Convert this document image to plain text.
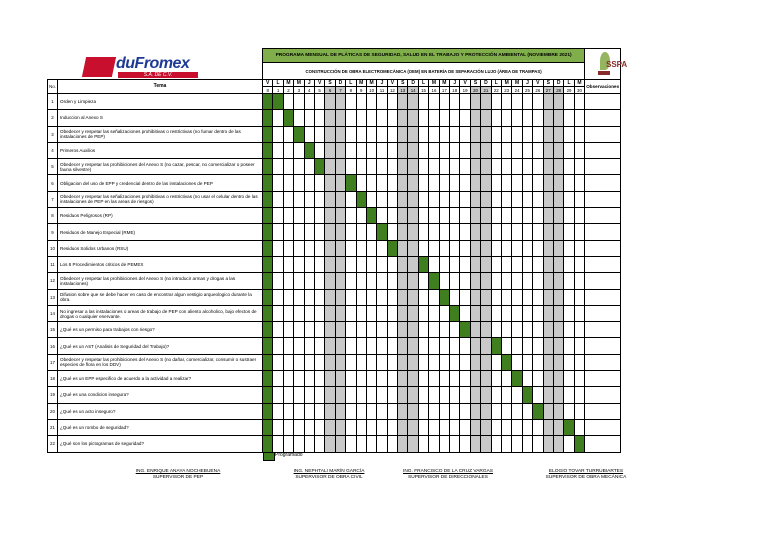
		PROGRAMA MENSUAL DE PLÁTICAS DE SEGURIDAD, SALUD EN EL TRABAJO Y PROTECCIÓN AMBIENTAL (NOVIEMBRE 2021)																															
		CONSTRUCCIÓN DE OBRA ELECTROMECÁNICA (OEM) EN BATERÍA DE SEPARACIÓN LUJO (ÁREA DE TRAMPAS)																															
No.	Tema	V	L	M	M	J	V	S	D	L	M	M	J	V	S	D	L	M	M	J	V	S	D	L	M	M	J	V	S	D	L	M	Observaciones
		8	1	2	3	4	5	6	7	8	9	10	11	12	13	14	15	16	17	18	19	20	21	22	23	24	25	26	27	28	29	30	
1	Orden y Limpieza																																
2	Induccion al Anexo S																																
3	Obedecer y respetar las señalizaciones prohibitivas o restrictivas (no fumar dentro de las instalaciones de PEP)																																
4	Primeros Auxilios																																
5	Obedecer y respetar las prohibiciones del Anexo S (no cazar, pescar, no comercializar o poseer fauna silvestre)																																
6	Obligacion del uso de EPP y credencial dentro de las instalaciones de PEP																																
7	Obedecer y respetar las señalizaciones prohibitivas o restrictivas (no usar el celular dentro de las instalaciones de PEP en las areas de riesgos)																																
8	Residuos Peligrosos (RP)																																
9	Residuos de Manejo Especial (RME)																																
10	Residuos Solidos Urbanos (RSU)																																
11	Los 8 Procedimientos criticos de PEMEX																																
12	Obedecer y respetar las prohibiciones del Anexo S (no introducir armas y drogas a las instalaciones)																																
13	Difusion sobre que se debe hacer en caso de encontrar algun vestigio arqueologico durante la obra.																																
14	No ingresar a las instalaciones o areas de trabajo de PEP con aliento alcoholico, bajo efectos de drogas o cualquier enervante.																																
15	¿Qué es un permiso para trabajos con riesgo?																																
16	¿Qué es un AST (Analisis de Seguridad del Trabajo)?																																
17	Obedecer y respetar las prohibiciones del Anexo S (no dañar, comercializar, consumir o sustraer especies de flora en los DDV)																																
18	¿Qué es un EPP especifico de acuerdo a la actividad a realizar?																																
19	¿Qué es una condicion insegura?																																
20	¿Qué es un acto inseguro?																																
21	¿Qué es un rombo de seguridad?																																
22	¿Qué son los pictogramas de seguridad?																																
duFromex
S.A. DE C.V.
SSPA
Programado
ING. ENRIQUE ANAYA NOCHEBUENA
SUPERVISOR DE PEP
ING. NEPHTALI MARÍN GARCÍA
SUPERVISOR DE OBRA CIVIL
ING. FRANCISCO DE LA CRUZ VARGAS
SUPERVISOR DE DIRECCIONALES
ELOGIO TOVAR TURRUBIARTES
SUPERVISOR DE OBRA MECÁNICA
